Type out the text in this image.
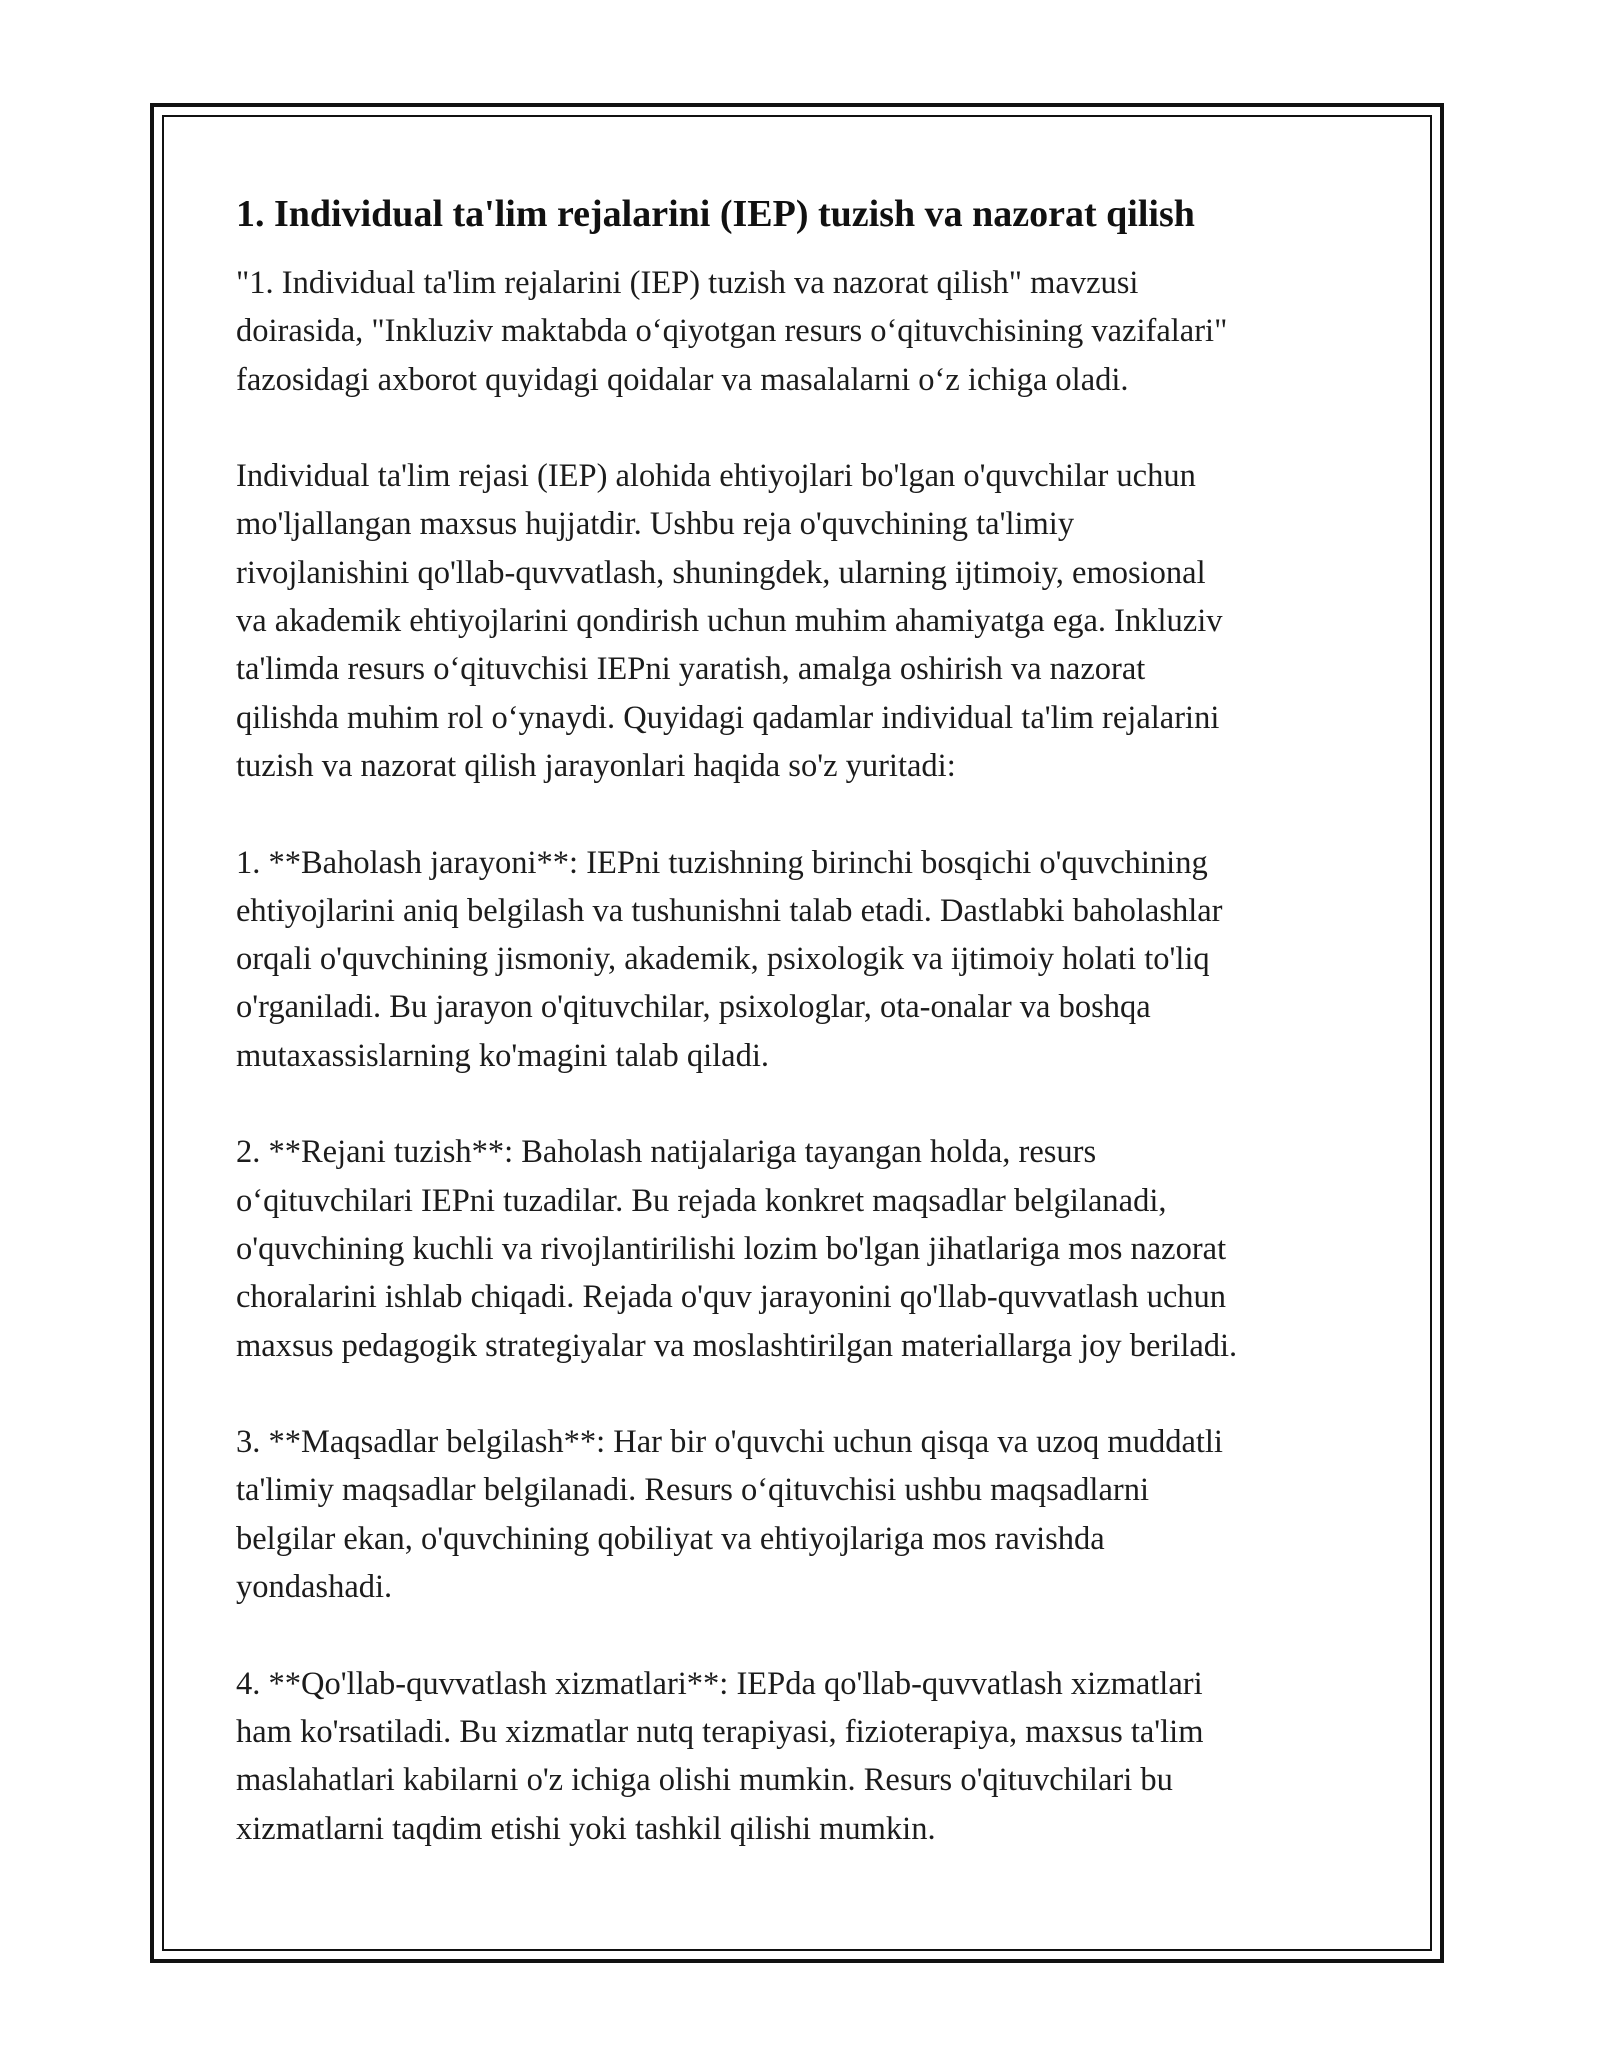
1. Individual ta'lim rejalarini (IEP) tuzish va nazorat qilish

"1. Individual ta'lim rejalarini (IEP) tuzish va nazorat qilish" mavzusi
doirasida, "Inkluziv maktabda o‘qiyotgan resurs o‘qituvchisining vazifalari"
fazosidagi axborot quyidagi qoidalar va masalalarni o‘z ichiga oladi.

Individual ta'lim rejasi (IEP) alohida ehtiyojlari bo'lgan o'quvchilar uchun
mo'ljallangan maxsus hujjatdir. Ushbu reja o'quvchining ta'limiy
rivojlanishini qo'llab-quvvatlash, shuningdek, ularning ijtimoiy, emosional
va akademik ehtiyojlarini qondirish uchun muhim ahamiyatga ega. Inkluziv
ta'limda resurs o‘qituvchisi IEPni yaratish, amalga oshirish va nazorat
qilishda muhim rol o‘ynaydi. Quyidagi qadamlar individual ta'lim rejalarini
tuzish va nazorat qilish jarayonlari haqida so'z yuritadi:

1. **Baholash jarayoni**: IEPni tuzishning birinchi bosqichi o'quvchining
ehtiyojlarini aniq belgilash va tushunishni talab etadi. Dastlabki baholashlar
orqali o'quvchining jismoniy, akademik, psixologik va ijtimoiy holati to'liq
o'rganiladi. Bu jarayon o'qituvchilar, psixologlar, ota-onalar va boshqa
mutaxassislarning ko'magini talab qiladi.

2. **Rejani tuzish**: Baholash natijalariga tayangan holda, resurs
o‘qituvchilari IEPni tuzadilar. Bu rejada konkret maqsadlar belgilanadi,
o'quvchining kuchli va rivojlantirilishi lozim bo'lgan jihatlariga mos nazorat
choralarini ishlab chiqadi. Rejada o'quv jarayonini qo'llab-quvvatlash uchun
maxsus pedagogik strategiyalar va moslashtirilgan materiallarga joy beriladi.

3. **Maqsadlar belgilash**: Har bir o'quvchi uchun qisqa va uzoq muddatli
ta'limiy maqsadlar belgilanadi. Resurs o‘qituvchisi ushbu maqsadlarni
belgilar ekan, o'quvchining qobiliyat va ehtiyojlariga mos ravishda
yondashadi.

4. **Qo'llab-quvvatlash xizmatlari**: IEPda qo'llab-quvvatlash xizmatlari
ham ko'rsatiladi. Bu xizmatlar nutq terapiyasi, fizioterapiya, maxsus ta'lim
maslahatlari kabilarni o'z ichiga olishi mumkin. Resurs o'qituvchilari bu
xizmatlarni taqdim etishi yoki tashkil qilishi mumkin.
